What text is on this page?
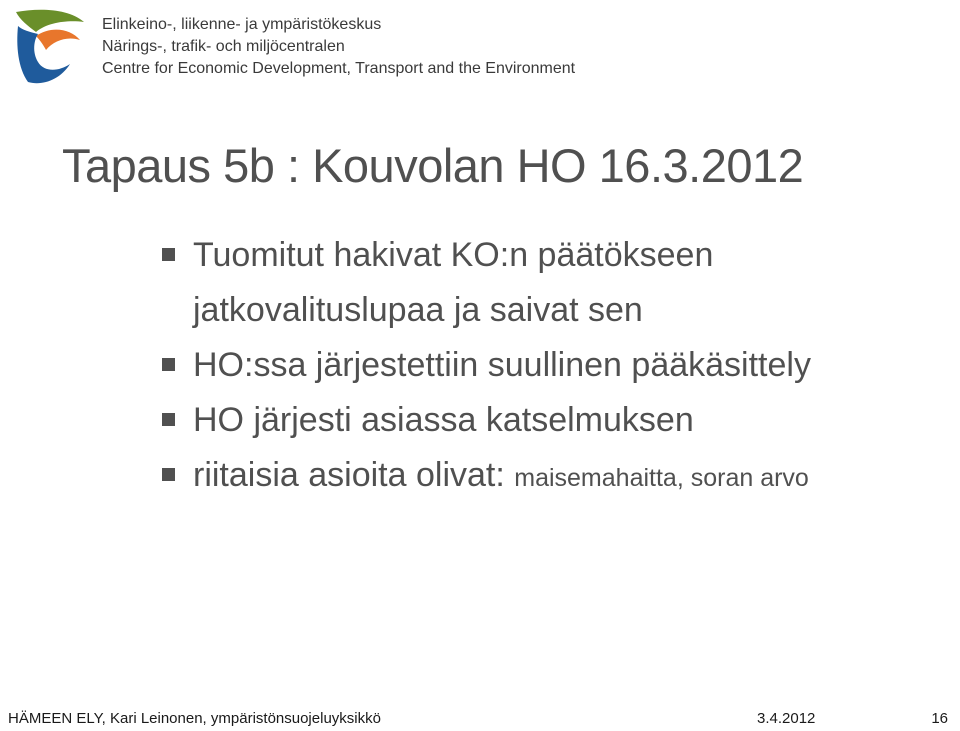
Elinkeino-, liikenne- ja ympäristökeskus
Närings-, trafik- och miljöcentralen
Centre for Economic Development, Transport and the Environment
Tapaus 5b : Kouvolan HO 16.3.2012
Tuomitut hakivat KO:n päätökseen
jatkovalituslupaa ja saivat sen
HO:ssa järjestettiin suullinen pääkäsittely
HO järjesti asiassa katselmuksen
riitaisia asioita olivat: maisemahaitta, soran arvo
HÄMEEN ELY, Kari Leinonen, ympäristönsuojeluyksikkö	3.4.2012	16
